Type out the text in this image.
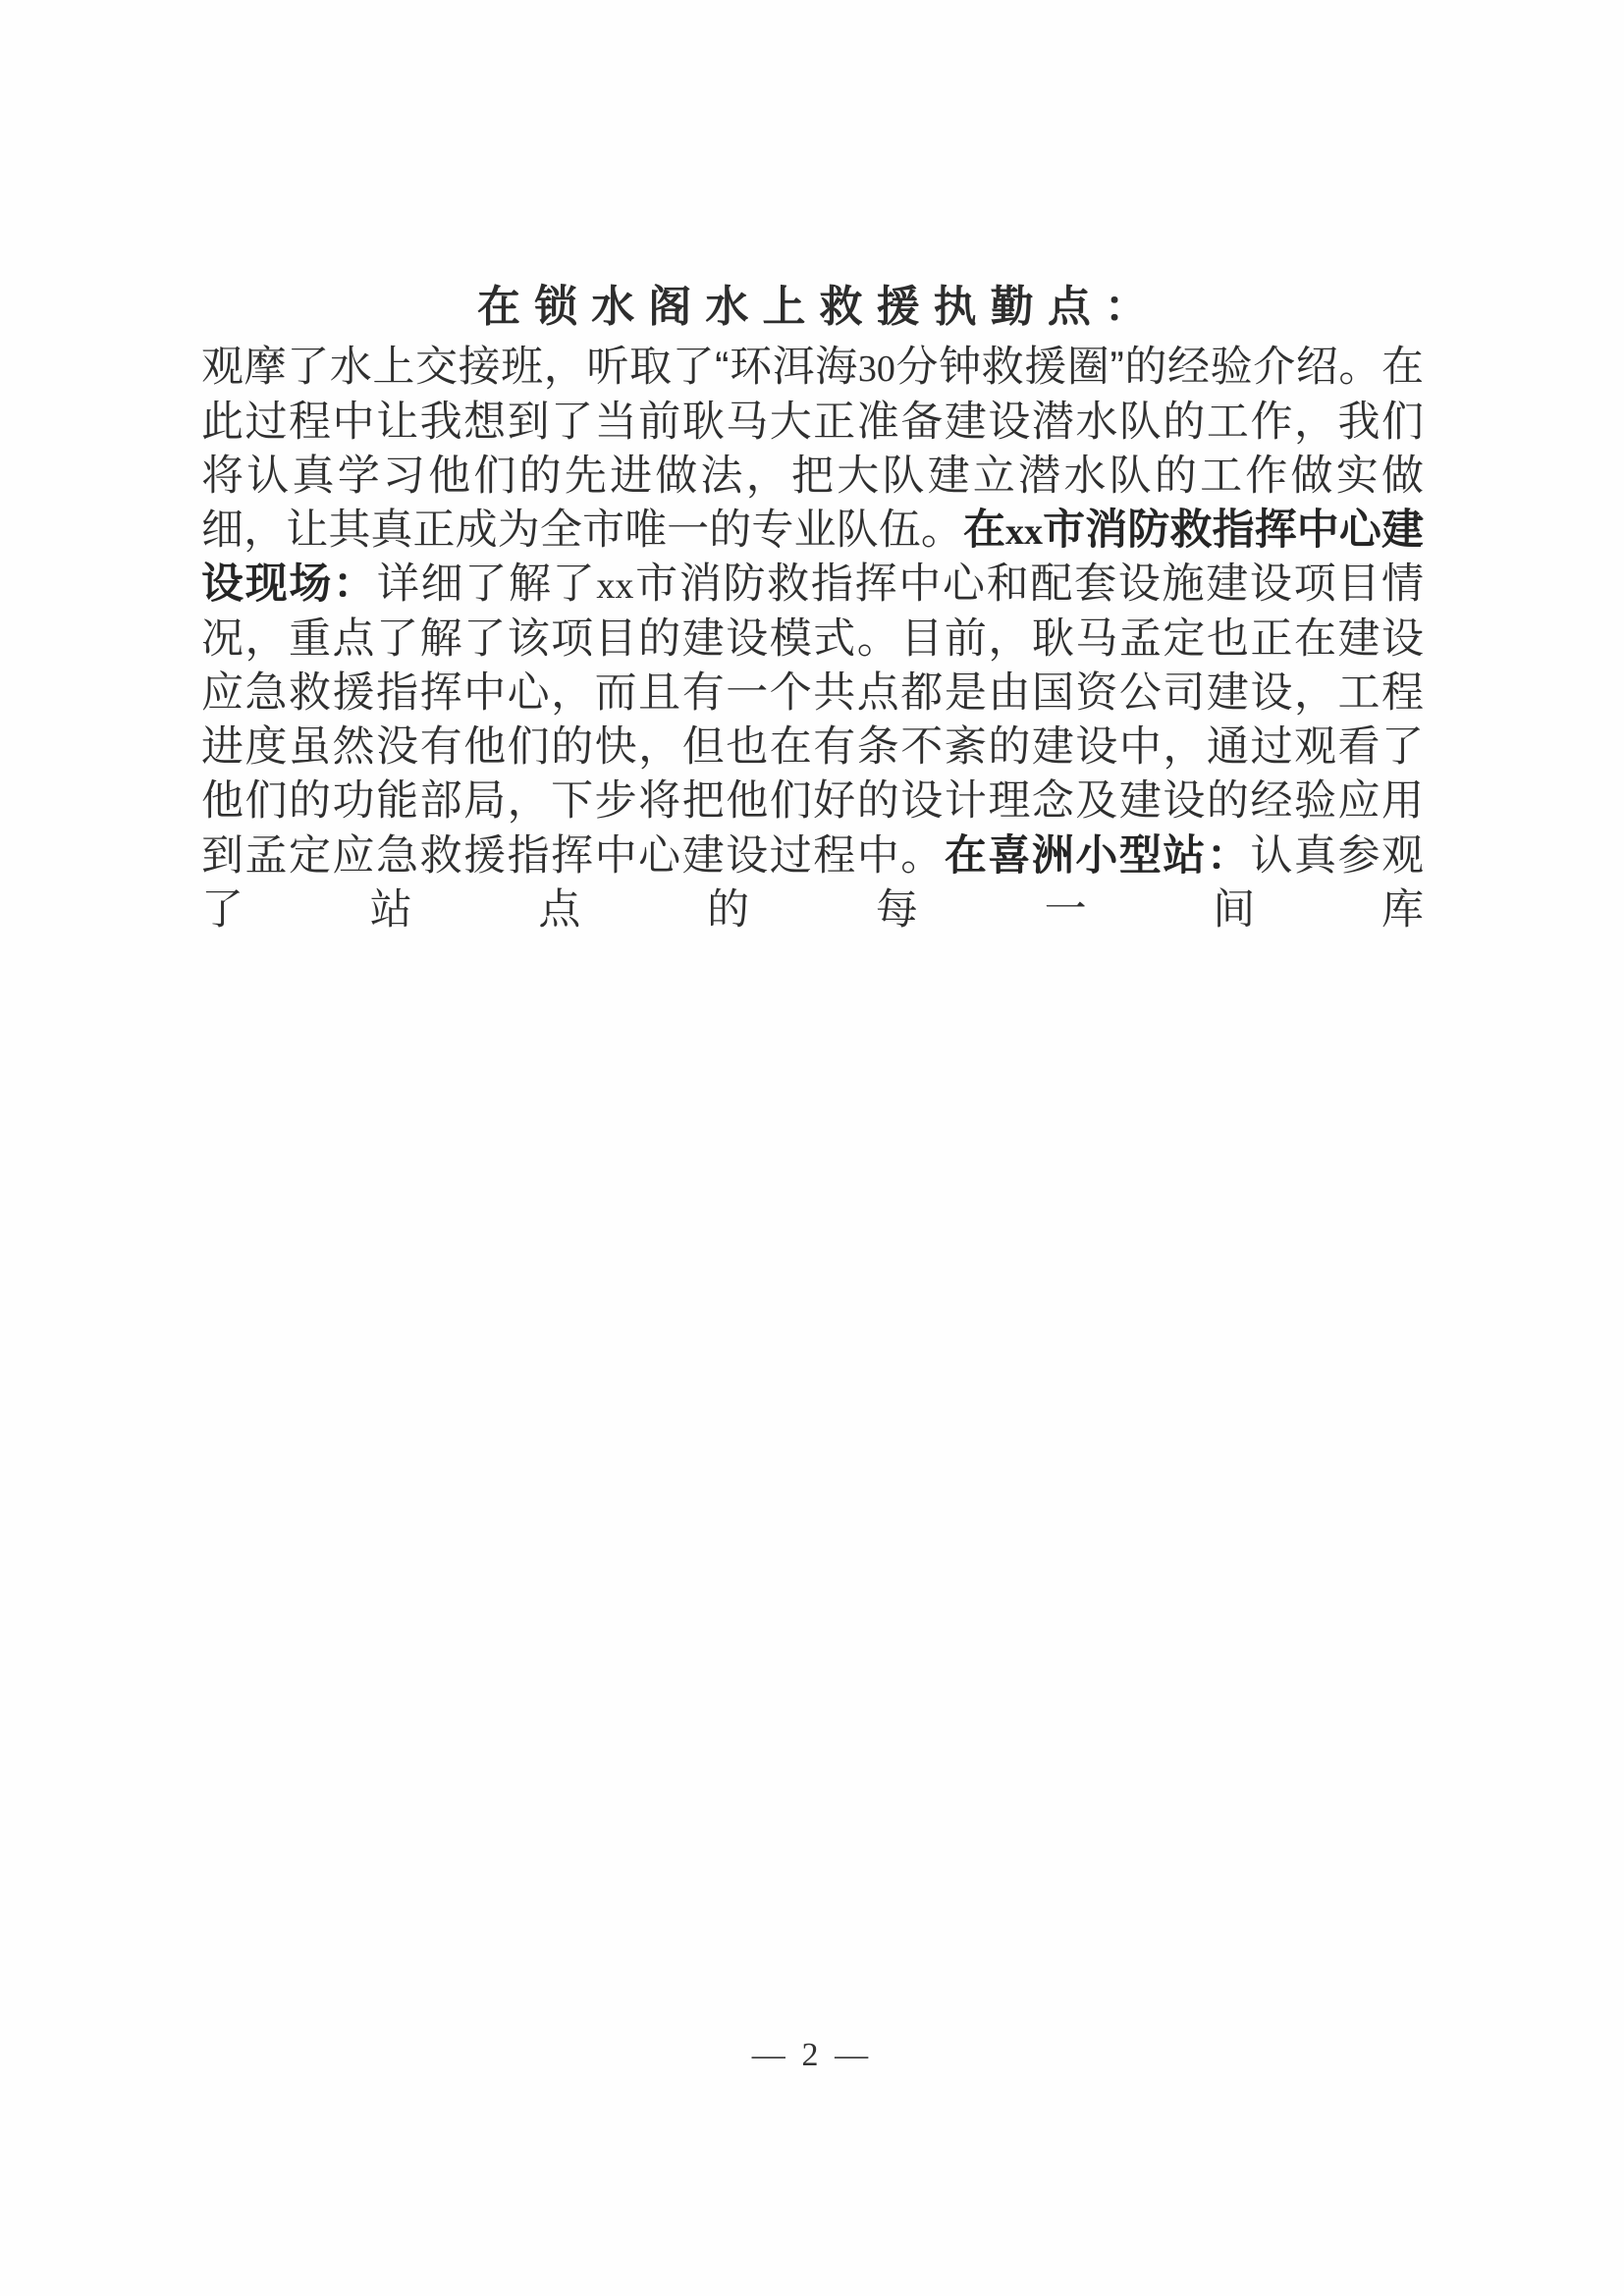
在锁水阁水上救援执勤点：
观摩了水上交接班，听取了“环洱海30分钟救援圈”的经验介绍。在此过程中让我想到了当前耿马大正准备建设潜水队的工作，我们将认真学习他们的先进做法，把大队建立潜水队的工作做实做细，让其真正成为全市唯一的专业队伍。在xx市消防救指挥中心建设现场：详细了解了xx市消防救指挥中心和配套设施建设项目情况，重点了解了该项目的建设模式。目前，耿马孟定也正在建设应急救援指挥中心，而且有一个共点都是由国资公司建设，工程进度虽然没有他们的快，但也在有条不紊的建设中，通过观看了他们的功能部局，下步将把他们好的设计理念及建设的经验应用到孟定应急救援指挥中心建设过程中。在喜洲小型站：认真参观了站点的每一间库
— 2 —
